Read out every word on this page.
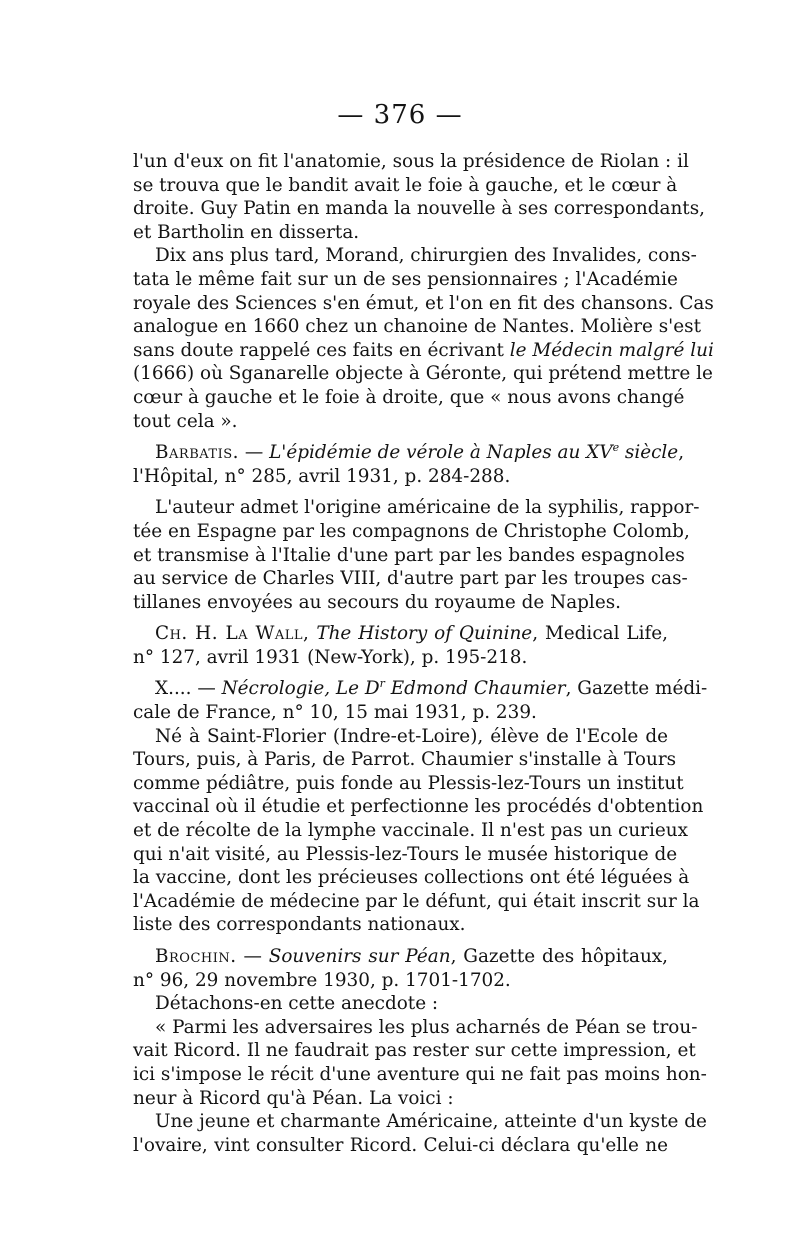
— 376 —
l'un d'eux on fit l'anatomie, sous la présidence de Riolan : il
se trouva que le bandit avait le foie à gauche, et le cœur à
droite. Guy Patin en manda la nouvelle à ses correspondants,
et Bartholin en disserta.
Dix ans plus tard, Morand, chirurgien des Invalides, cons-
tata le même fait sur un de ses pensionnaires ; l'Académie
royale des Sciences s'en émut, et l'on en fit des chansons. Cas
analogue en 1660 chez un chanoine de Nantes. Molière s'est
sans doute rappelé ces faits en écrivant le Médecin malgré lui
(1666) où Sganarelle objecte à Géronte, qui prétend mettre le
cœur à gauche et le foie à droite, que « nous avons changé
tout cela ».
Barbatis. — L'épidémie de vérole à Naples au XVe siècle,
l'Hôpital, n° 285, avril 1931, p. 284-288.
L'auteur admet l'origine américaine de la syphilis, rappor-
tée en Espagne par les compagnons de Christophe Colomb,
et transmise à l'Italie d'une part par les bandes espagnoles
au service de Charles VIII, d'autre part par les troupes cas-
tillanes envoyées au secours du royaume de Naples.
Ch. H. La Wall, The History of Quinine, Medical Life,
n° 127, avril 1931 (New-York), p. 195-218.
X.... — Nécrologie, Le $D^r$ Edmond Chaumier, Gazette médi-
cale de France, n° 10, 15 mai 1931, p. 239.
Né à Saint-Florier (Indre-et-Loire), élève de l'Ecole de
Tours, puis, à Paris, de Parrot. Chaumier s'installe à Tours
comme pédiâtre, puis fonde au Plessis-lez-Tours un institut
vaccinal où il étudie et perfectionne les procédés d'obtention
et de récolte de la lymphe vaccinale. Il n'est pas un curieux
qui n'ait visité, au Plessis-lez-Tours le musée historique de
la vaccine, dont les précieuses collections ont été léguées à
l'Académie de médecine par le défunt, qui était inscrit sur la
liste des correspondants nationaux.
Brochin. — Souvenirs sur Péan, Gazette des hôpitaux,
n° 96, 29 novembre 1930, p. 1701-1702.
Détachons-en cette anecdote :
« Parmi les adversaires les plus acharnés de Péan se trou-
vait Ricord. Il ne faudrait pas rester sur cette impression, et
ici s'impose le récit d'une aventure qui ne fait pas moins hon-
neur à Ricord qu'à Péan. La voici :
Une jeune et charmante Américaine, atteinte d'un kyste de
l'ovaire, vint consulter Ricord. Celui-ci déclara qu'elle ne
